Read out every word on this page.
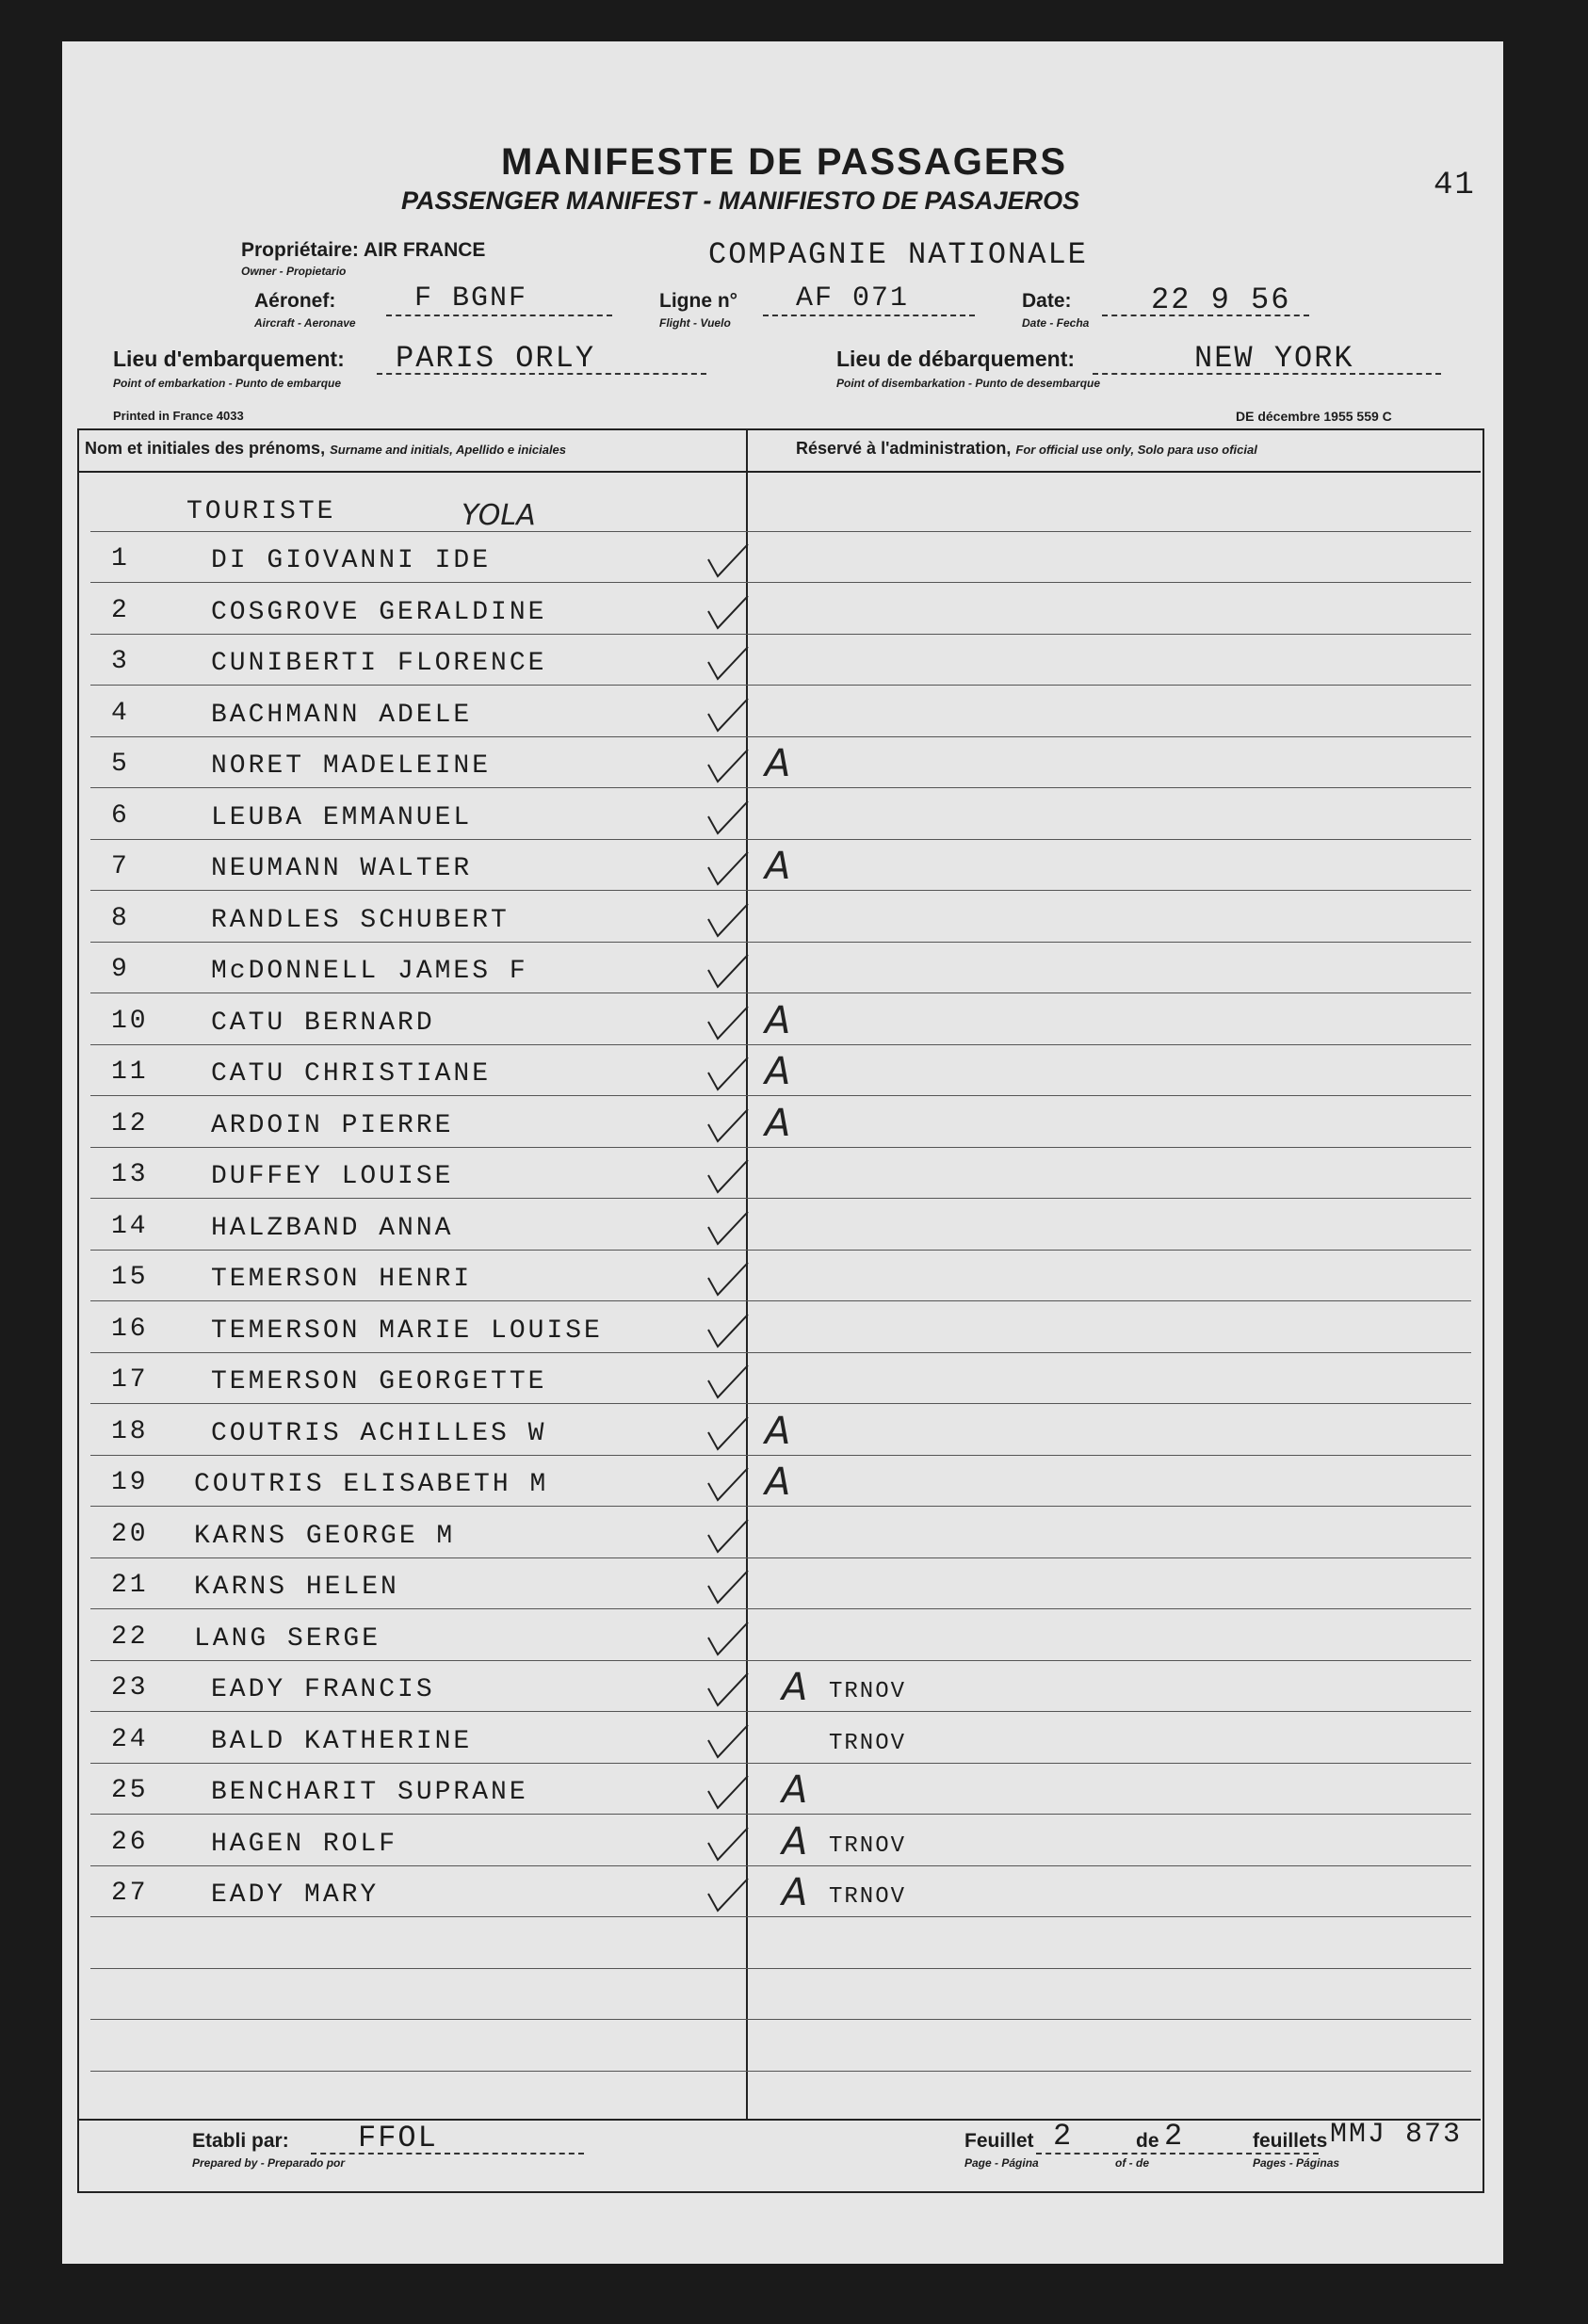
MANIFESTE DE PASSAGERS
PASSENGER MANIFEST - MANIFIESTO DE PASAJEROS	41
Propriétaire: AIR FRANCE
Owner - Propietario	COMPAGNIE NATIONALE
Aéronef:
Aircraft - Aeronave
F BGNF	Ligne n°
Flight - Vuelo
AF 071	Date:
Date - Fecha
22 9 56
Lieu d'embarquement:
Point of embarkation - Punto de embarque
PARIS ORLY	Lieu de débarquement:
Point of disembarkation - Punto de desembarque
NEW YORK
Printed in France 4033	DE décembre 1955 559 C
Nom et initiales des prénoms, Surname and initials, Apellido e iniciales	Réservé à l'administration, For official use only, Solo para uso oficial
TOURISTE	YOLA
1	DI GIOVANNI IDE
2	COSGROVE GERALDINE
3	CUNIBERTI FLORENCE
4	BACHMANN ADELE
5	NORET MADELEINE	A
6	LEUBA EMMANUEL
7	NEUMANN WALTER	A
8	RANDLES SCHUBERT
9	McDONNELL JAMES F
10 CATU BERNARD	A
11 CATU CHRISTIANE	A
12 ARDOIN PIERRE	A
13 DUFFEY LOUISE
14 HALZBAND ANNA
15 TEMERSON HENRI
16 TEMERSON MARIE LOUISE
17 TEMERSON GEORGETTE
18 COUTRIS ACHILLES W	A
19 COUTRIS ELISABETH M	A
20 KARNS GEORGE M
21 KARNS HELEN
22 LANG SERGE
23 EADY FRANCIS	A TRNOV
24 BALD KATHERINE	TRNOV
25 BENCHARIT SUPRANE	A
26 HAGEN ROLF	A TRNOV
27 EADY MARY	A TRNOV
Etabli par:
Prepared by - Preparado por
FFOL	Feuillet
Page - Página
2	de
of - de
2	feuillets
Pages - Páginas
MMJ 873
